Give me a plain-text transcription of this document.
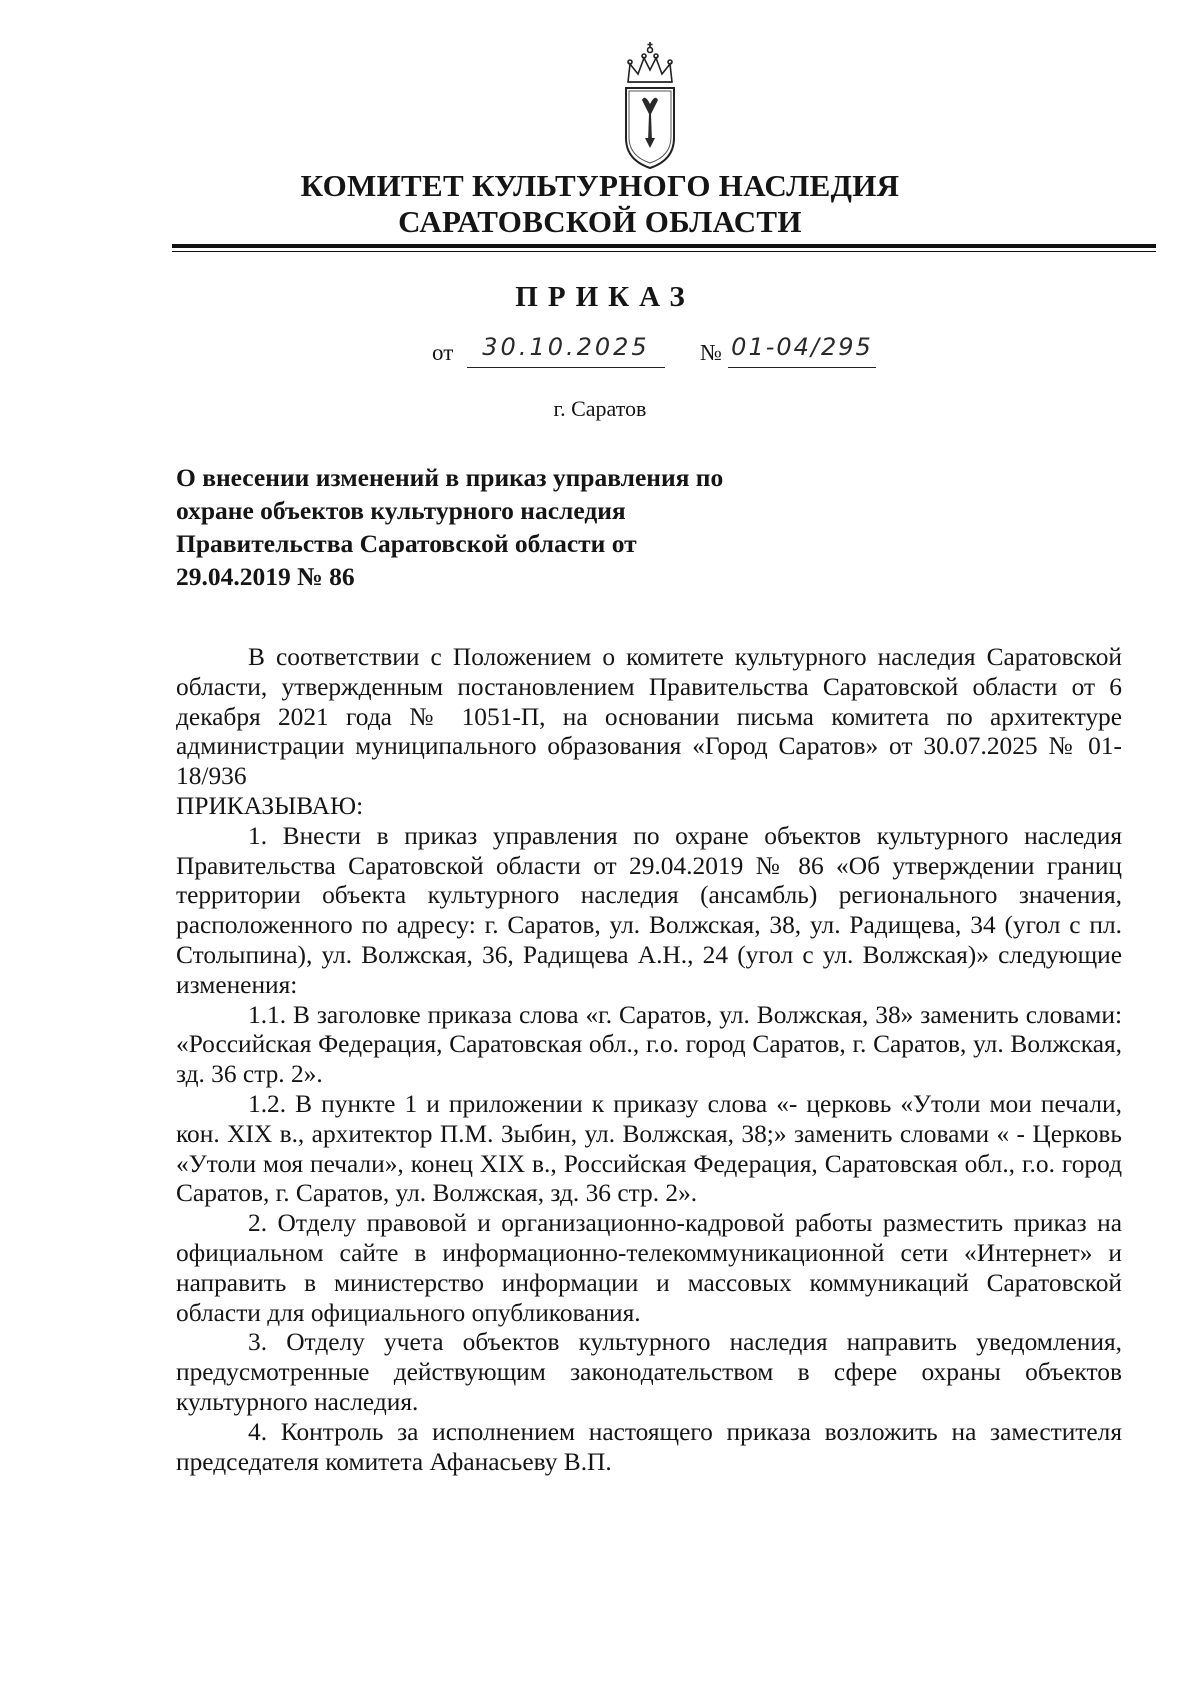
КОМИТЕТ КУЛЬТУРНОГО НАСЛЕДИЯ
САРАТОВСКОЙ ОБЛАСТИ
ПРИКАЗ
от	30.10.2025	№ 01-04/295
г. Саратов
О внесении изменений в приказ управления по охране объектов культурного наследия Правительства Саратовской области от 29.04.2019 № 86

В соответствии с Положением о комитете культурного наследия Саратовской области, утвержденным постановлением Правительства Саратовской области от 6 декабря 2021 года № 1051-П, на основании письма комитета по архитектуре администрации муниципального образования «Город Саратов» от 30.07.2025 № 01-18/936

ПРИКАЗЫВАЮ:

1. Внести в приказ управления по охране объектов культурного наследия Правительства Саратовской области от 29.04.2019 № 86 «Об утверждении границ территории объекта культурного наследия (ансамбль) регионального значения, расположенного по адресу: г. Саратов, ул. Волжская, 38, ул. Радищева, 34 (угол с пл. Столыпина), ул. Волжская, 36, Радищева А.Н., 24 (угол с ул. Волжская)» следующие изменения:

1.1. В заголовке приказа слова «г. Саратов, ул. Волжская, 38» заменить словами: «Российская Федерация, Саратовская обл., г.о. город Саратов, г. Саратов, ул. Волжская, зд. 36 стр. 2».

1.2. В пункте 1 и приложении к приказу слова «- церковь «Утоли мои печали, кон. XIX в., архитектор П.М. Зыбин, ул. Волжская, 38;» заменить словами « - Церковь «Утоли моя печали», конец XIX в., Российская Федерация, Саратовская обл., г.о. город Саратов, г. Саратов, ул. Волжская, зд. 36 стр. 2».

2. Отделу правовой и организационно-кадровой работы разместить приказ на официальном сайте в информационно-телекоммуникационной сети «Интернет» и направить в министерство информации и массовых коммуникаций Саратовской области для официального опубликования.

3. Отделу учета объектов культурного наследия направить уведомления, предусмотренные действующим законодательством в сфере охраны объектов культурного наследия.

4. Контроль за исполнением настоящего приказа возложить на заместителя председателя комитета Афанасьеву В.П.
